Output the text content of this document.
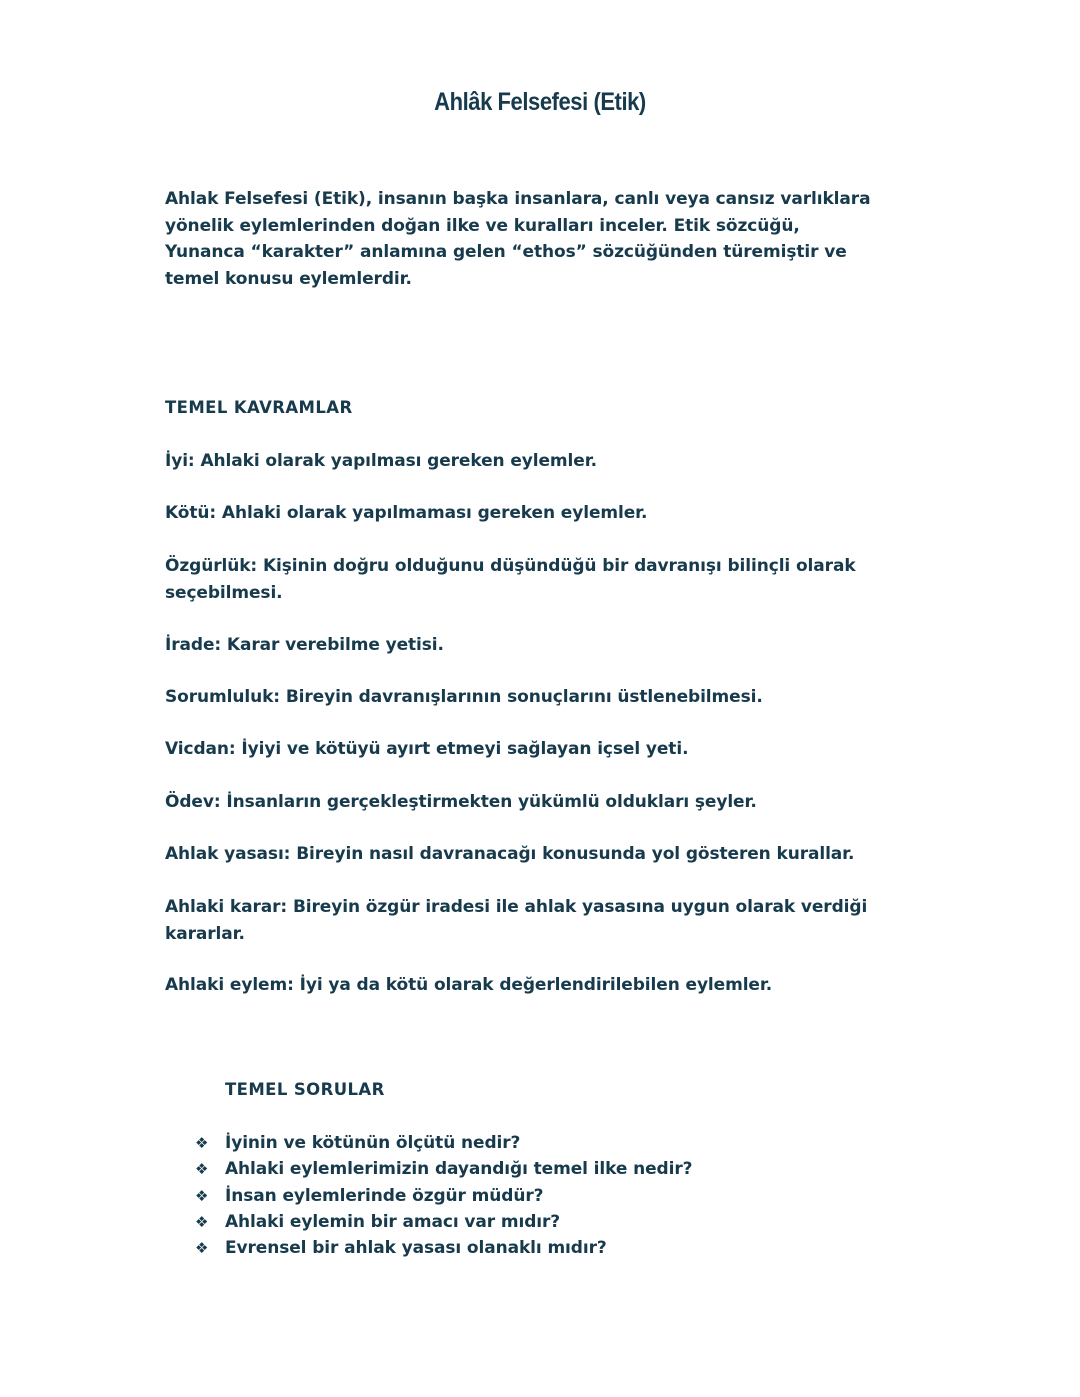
Ahlâk Felsefesi (Etik)
Ahlak Felsefesi (Etik), insanın başka insanlara, canlı veya cansız varlıklara yönelik eylemlerinden doğan ilke ve kuralları inceler. Etik sözcüğü, Yunanca “karakter” anlamına gelen “ethos” sözcüğünden türemiştir ve temel konusu eylemlerdir.
TEMEL KAVRAMLAR
İyi: Ahlaki olarak yapılması gereken eylemler.
Kötü: Ahlaki olarak yapılmaması gereken eylemler.
Özgürlük: Kişinin doğru olduğunu düşündüğü bir davranışı bilinçli olarak seçebilmesi.
İrade: Karar verebilme yetisi.
Sorumluluk: Bireyin davranışlarının sonuçlarını üstlenebilmesi.
Vicdan: İyiyi ve kötüyü ayırt etmeyi sağlayan içsel yeti.
Ödev: İnsanların gerçekleştirmekten yükümlü oldukları şeyler.
Ahlak yasası: Bireyin nasıl davranacağı konusunda yol gösteren kurallar.
Ahlaki karar: Bireyin özgür iradesi ile ahlak yasasına uygun olarak verdiği kararlar.
Ahlaki eylem: İyi ya da kötü olarak değerlendirilebilen eylemler.
TEMEL SORULAR
❖ İyinin ve kötünün ölçütü nedir?
❖ Ahlaki eylemlerimizin dayandığı temel ilke nedir?
❖ İnsan eylemlerinde özgür müdür?
❖ Ahlaki eylemin bir amacı var mıdır?
❖ Evrensel bir ahlak yasası olanaklı mıdır?
